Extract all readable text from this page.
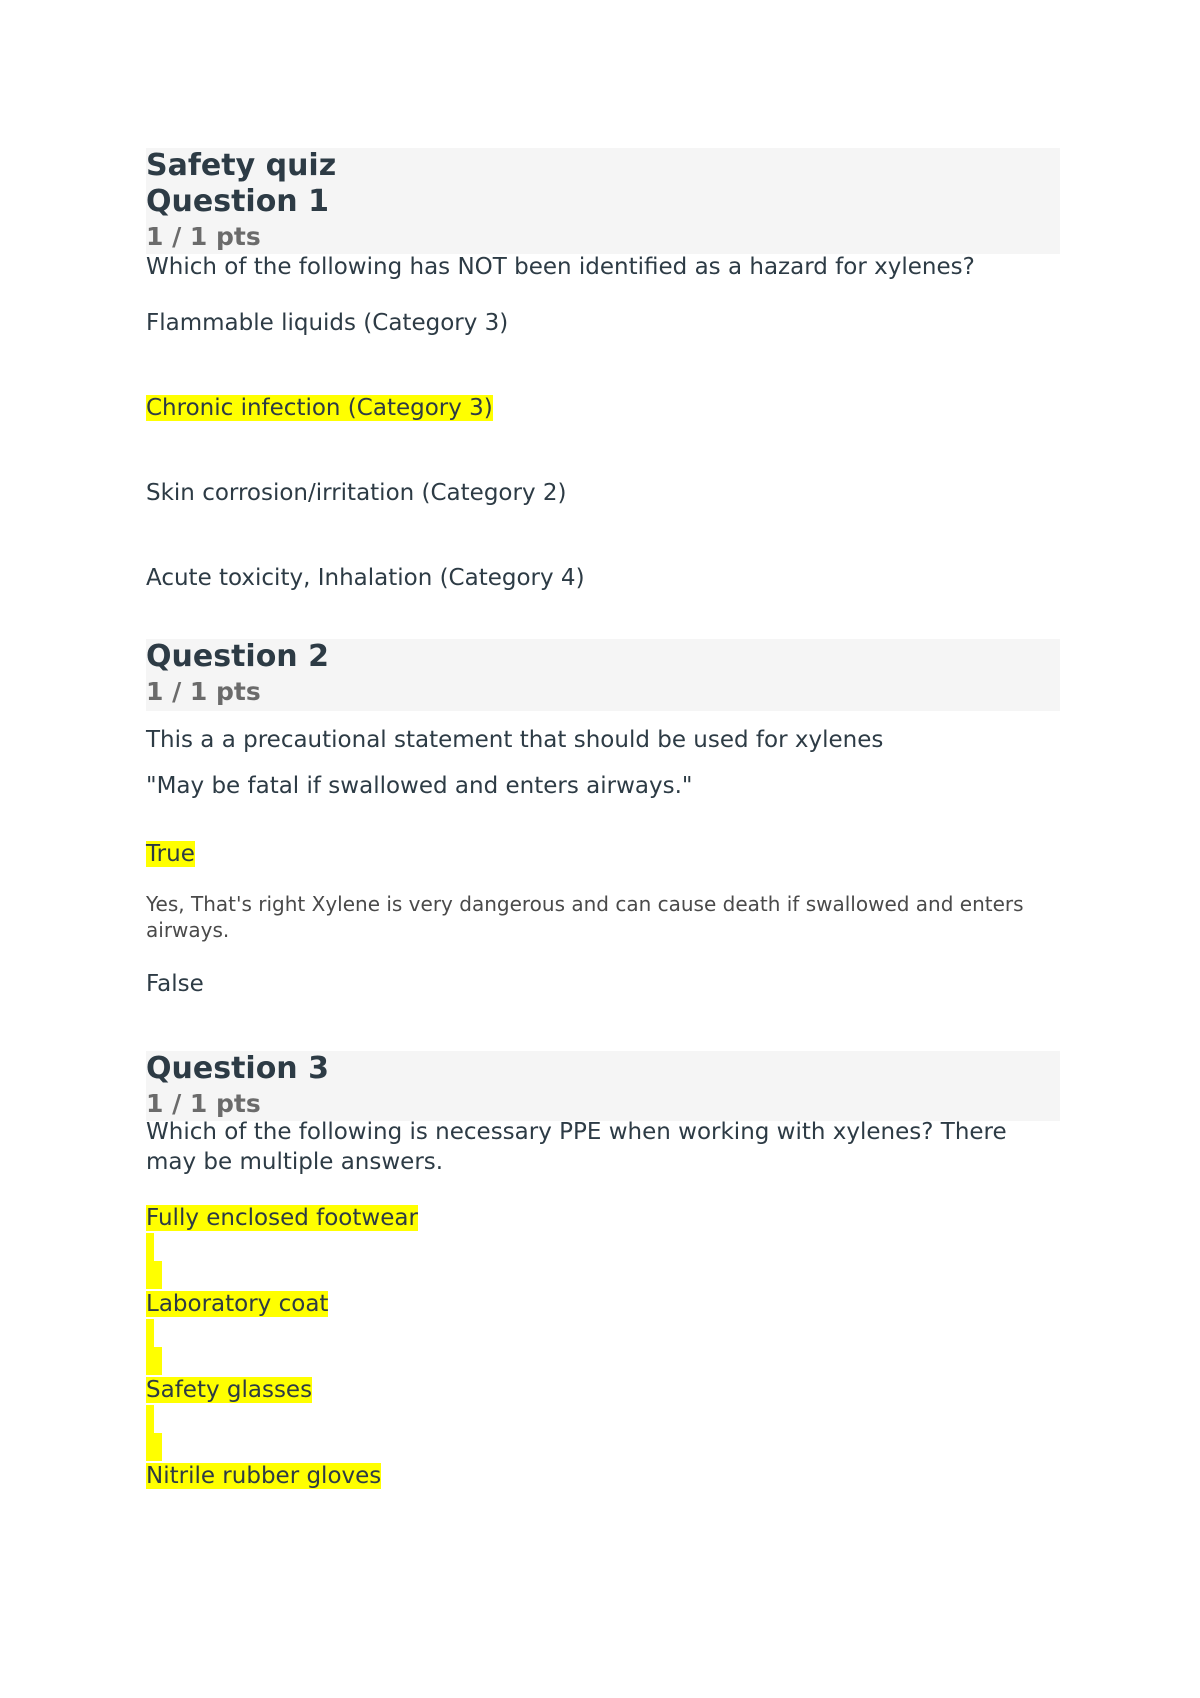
Safety quiz
Question 1
1 / 1 pts
Which of the following has NOT been identified as a hazard for xylenes?
Flammable liquids (Category 3)
Chronic infection (Category 3)
Skin corrosion/irritation (Category 2)
Acute toxicity, Inhalation (Category 4)
Question 2
1 / 1 pts
This a a precautional statement that should be used for xylenes
"May be fatal if swallowed and enters airways."
True
Yes, That's right Xylene is very dangerous and can cause death if swallowed and enters airways.
False
Question 3
1 / 1 pts
Which of the following is necessary PPE when working with xylenes? There may be multiple answers.
Fully enclosed footwear
Laboratory coat
Safety glasses
Nitrile rubber gloves
